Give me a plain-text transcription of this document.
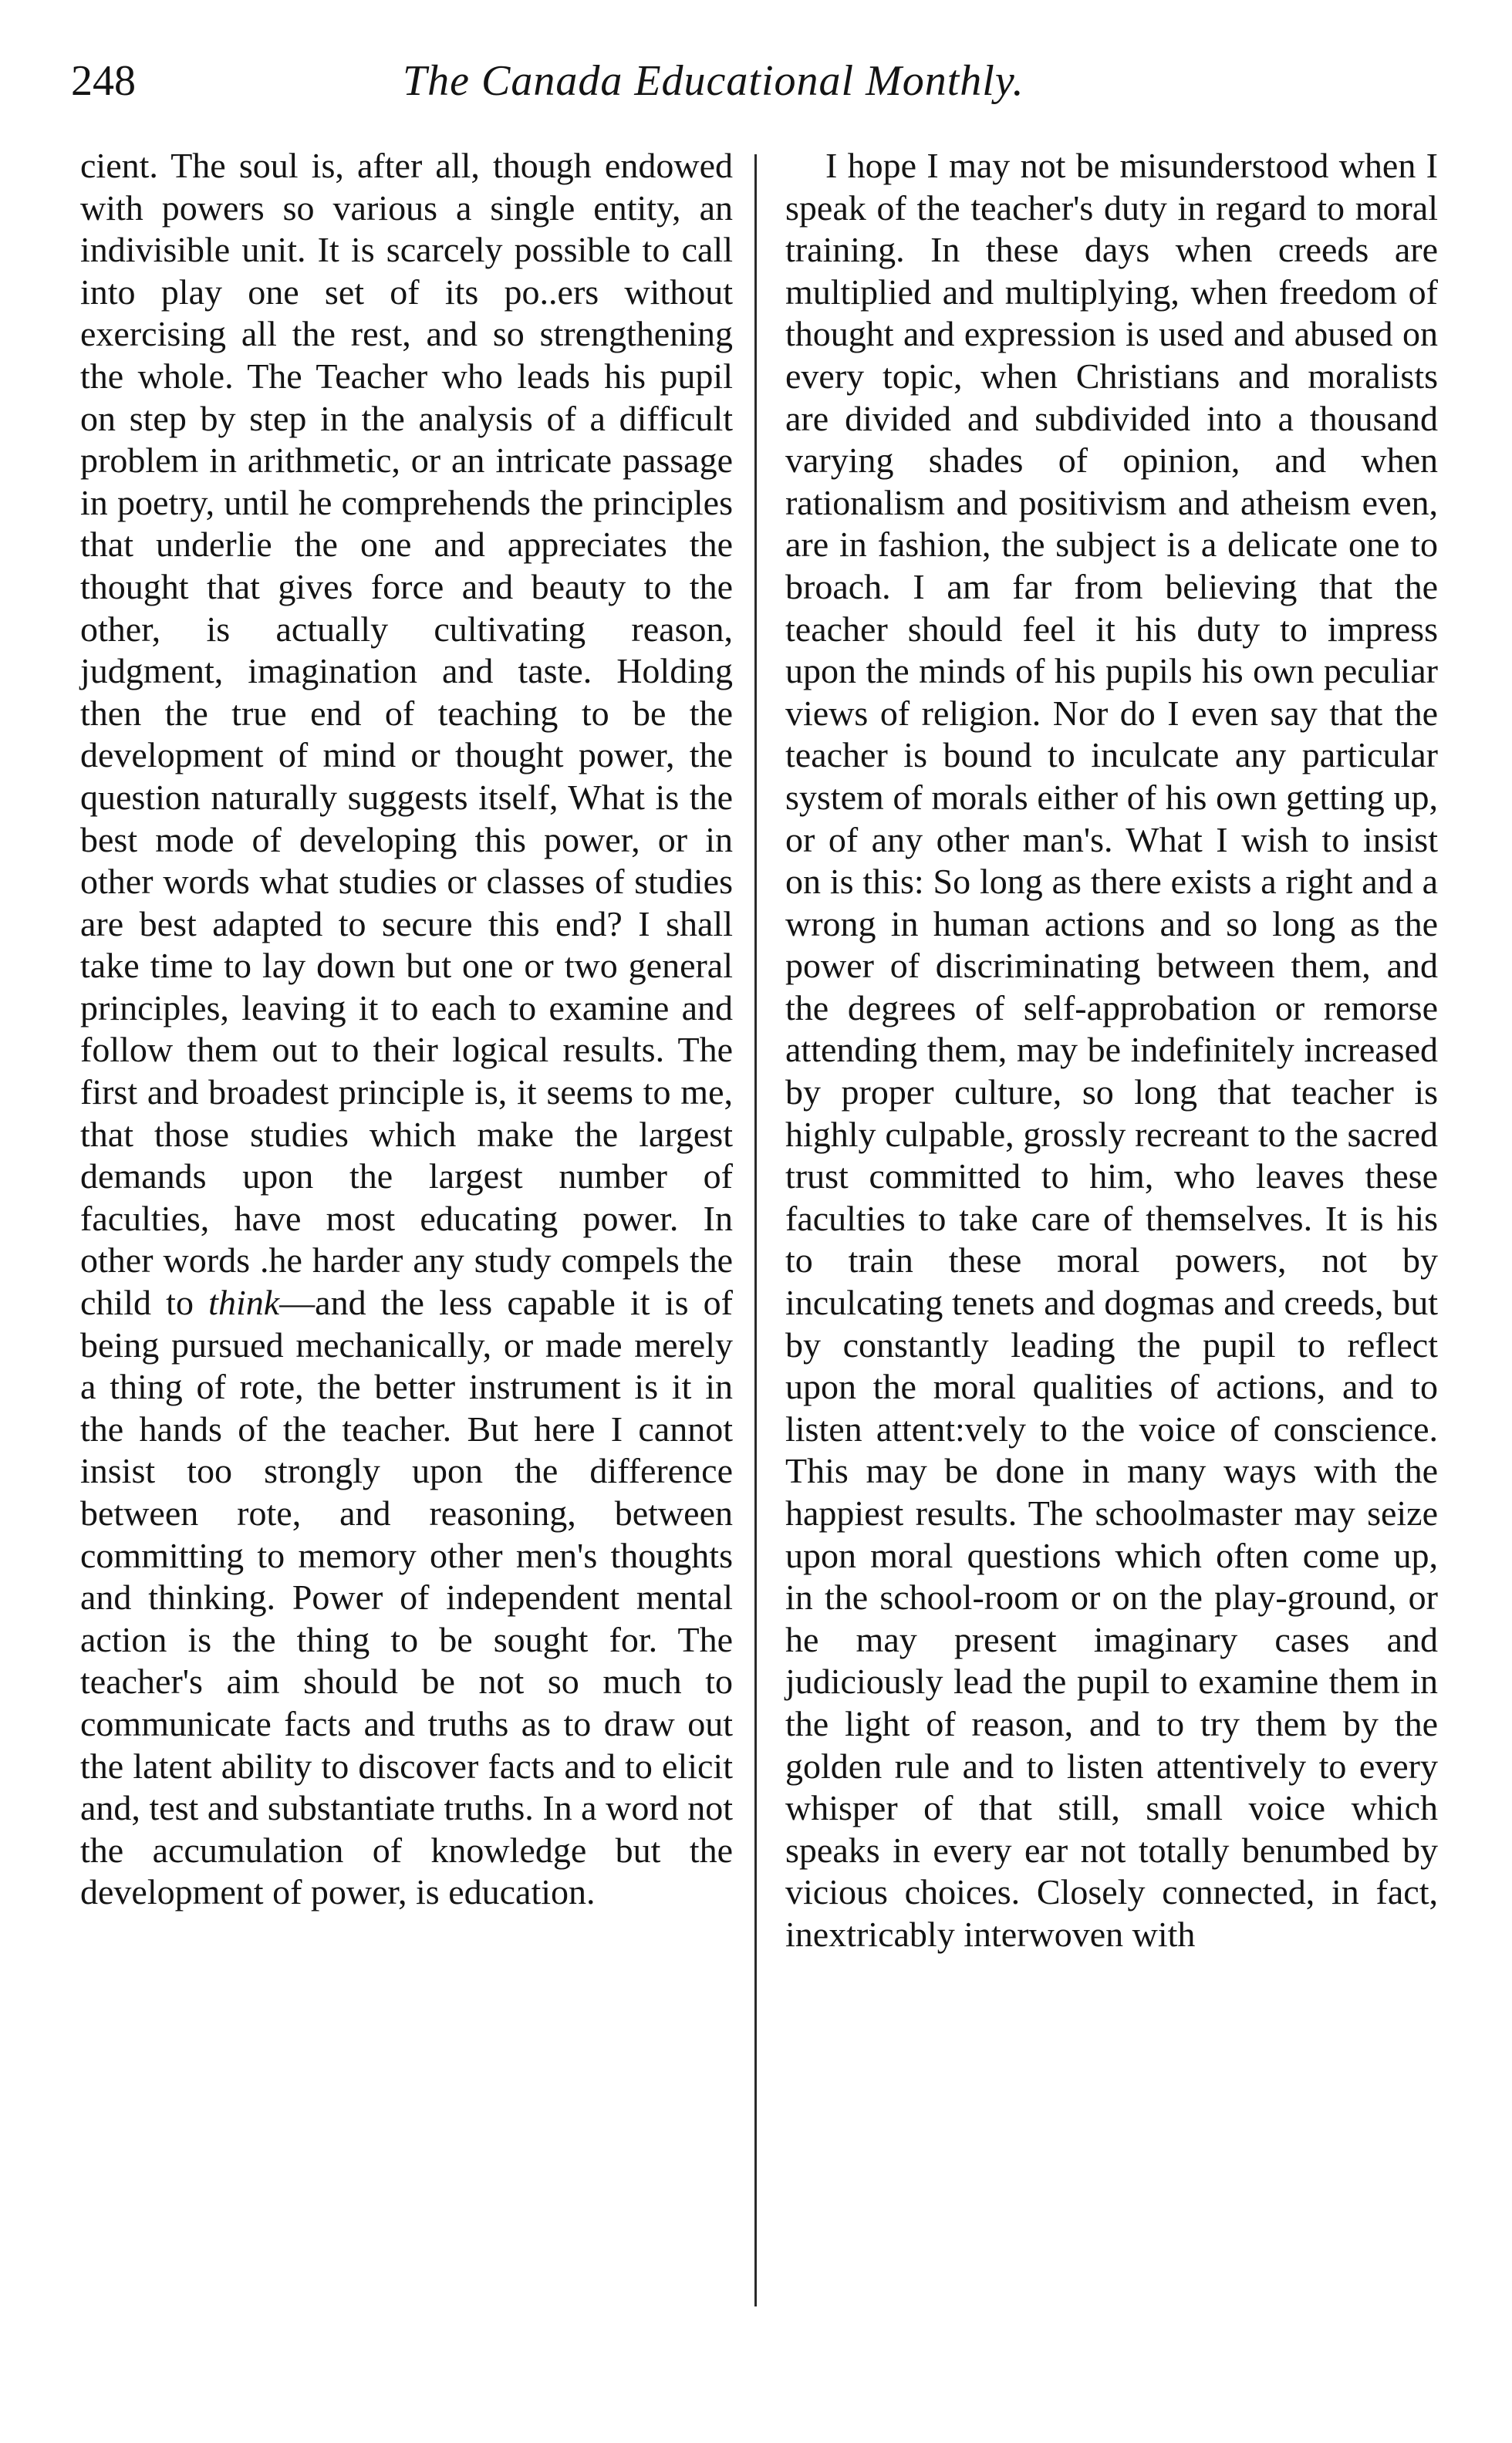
248	The Canada Educational Monthly.

cient. The soul is, after all, though endowed with powers so various a single entity, an indivisible unit. It is scarcely possible to call into play one set of its po..ers without exercising all the rest, and so strengthening the whole. The Teacher who leads his pupil on step by step in the analysis of a difficult problem in arithmetic, or an intricate passage in poetry, until he comprehends the principles that underlie the one and appreciates the thought that gives force and beauty to the other, is actually cultivating reason, judgment, imagination and taste. Holding then the true end of teaching to be the development of mind or thought power, the question naturally suggests itself, What is the best mode of developing this power, or in other words what studies or classes of studies are best adapted to secure this end? I shall take time to lay down but one or two general principles, leaving it to each to examine and follow them out to their logical results. The first and broadest principle is, it seems to me, that those studies which make the largest demands upon the largest number of faculties, have most educating power. In other words .he harder any study compels the child to think—and the less capable it is of being pursued mechanically, or made merely a thing of rote, the better instrument is it in the hands of the teacher. But here I cannot insist too strongly upon the difference between rote, and reasoning, between committing to memory other men's thoughts and thinking. Power of independent mental action is the thing to be sought for. The teacher's aim should be not so much to communicate facts and truths as to draw out the latent ability to discover facts and to elicit and, test and substantiate truths. In a word not the accumulation of knowledge but the development of power, is education.

I hope I may not be misunderstood when I speak of the teacher's duty in regard to moral training. In these days when creeds are multiplied and multiplying, when freedom of thought and expression is used and abused on every topic, when Christians and moralists are divided and subdivided into a thousand varying shades of opinion, and when rationalism and positivism and atheism even, are in fashion, the subject is a delicate one to broach. I am far from believing that the teacher should feel it his duty to impress upon the minds of his pupils his own peculiar views of religion. Nor do I even say that the teacher is bound to inculcate any particular system of morals either of his own getting up, or of any other man's. What I wish to insist on is this: So long as there exists a right and a wrong in human actions and so long as the power of discriminating between them, and the degrees of self-approbation or remorse attending them, may be indefinitely increased by proper culture, so long that teacher is highly culpable, grossly recreant to the sacred trust committed to him, who leaves these faculties to take care of themselves. It is his to train these moral powers, not by inculcating tenets and dogmas and creeds, but by constantly leading the pupil to reflect upon the moral qualities of actions, and to listen attent:vely to the voice of conscience. This may be done in many ways with the happiest results. The schoolmaster may seize upon moral questions which often come up, in the school-room or on the play-ground, or he may present imaginary cases and judiciously lead the pupil to examine them in the light of reason, and to try them by the golden rule and to listen attentively to every whisper of that still, small voice which speaks in every ear not totally benumbed by vicious choices. Closely connected, in fact, inextricably interwoven with
